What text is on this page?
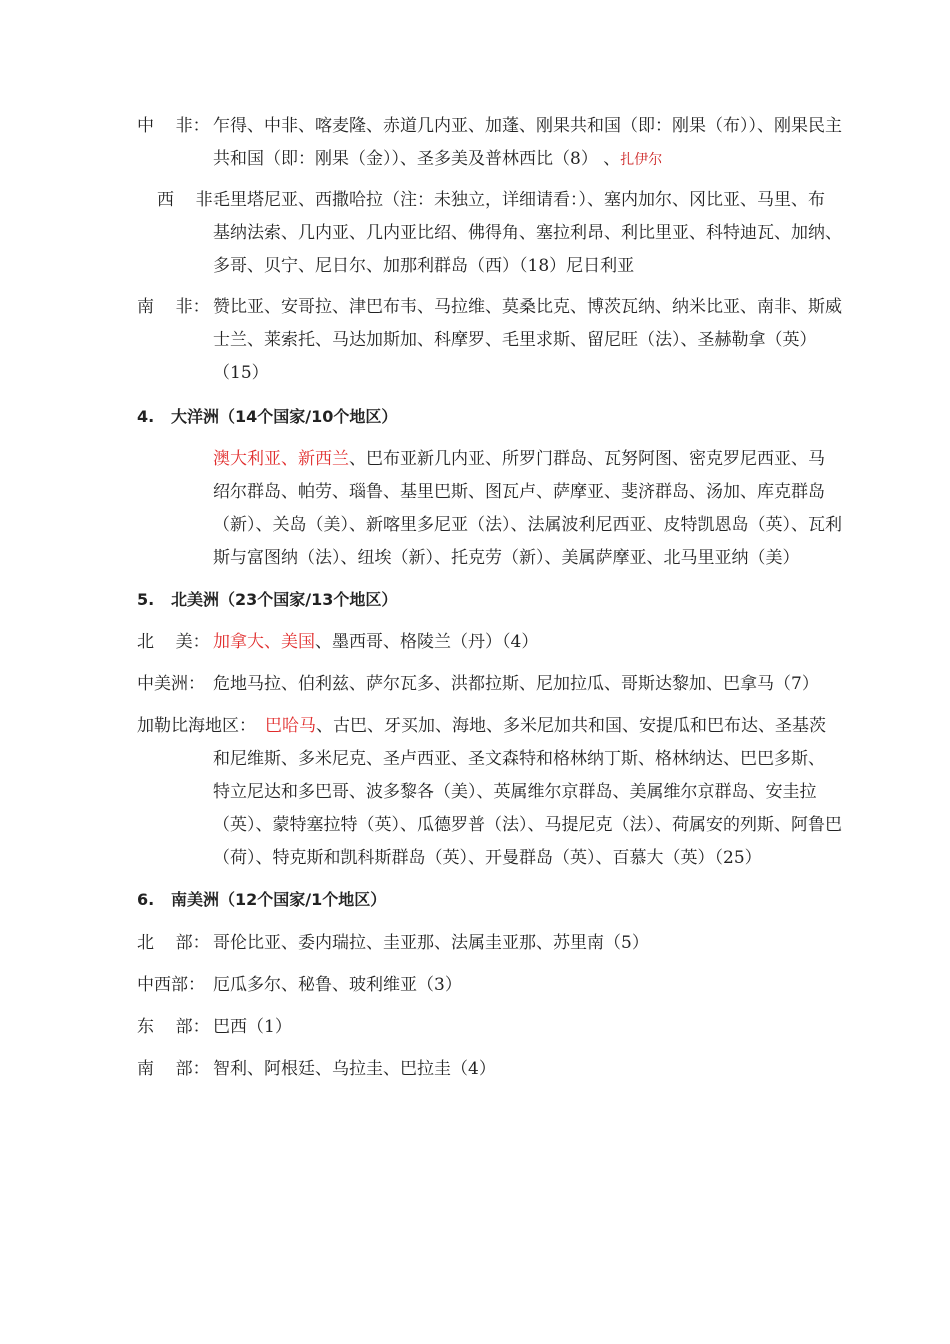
中    非： 乍得、中非、喀麦隆、赤道几内亚、加蓬、刚果共和国（即：刚果（布））、刚果民主
共和国（即：刚果（金））、圣多美及普林西比（8） 、扎伊尔
西    非：
毛里塔尼亚、西撒哈拉（注：未独立，详细请看：）、塞内加尔、冈比亚、马里、布
基纳法索、几内亚、几内亚比绍、佛得角、塞拉利昂、利比里亚、科特迪瓦、加纳、
多哥、贝宁、尼日尔、加那利群岛（西）（18）尼日利亚
南    非： 赞比亚、安哥拉、津巴布韦、马拉维、莫桑比克、博茨瓦纳、纳米比亚、南非、斯威
士兰、莱索托、马达加斯加、科摩罗、毛里求斯、留尼旺（法）、圣赫勒拿（英）
（15）
4. 大洋洲（14个国家/10个地区）
澳大利亚、新西兰、巴布亚新几内亚、所罗门群岛、瓦努阿图、密克罗尼西亚、马
绍尔群岛、帕劳、瑙鲁、基里巴斯、图瓦卢、萨摩亚、斐济群岛、汤加、库克群岛
（新）、关岛（美）、新喀里多尼亚（法）、法属波利尼西亚、皮特凯恩岛（英）、瓦利
斯与富图纳（法）、纽埃（新）、托克劳（新）、美属萨摩亚、北马里亚纳（美）
5. 北美洲（23个国家/13个地区）
北    美： 加拿大、美国、墨西哥、格陵兰（丹）（4）
中美洲： 危地马拉、伯利兹、萨尔瓦多、洪都拉斯、尼加拉瓜、哥斯达黎加、巴拿马（7）
加勒比海地区： 巴哈马、古巴、牙买加、海地、多米尼加共和国、安提瓜和巴布达、圣基茨
和尼维斯、多米尼克、圣卢西亚、圣文森特和格林纳丁斯、格林纳达、巴巴多斯、
特立尼达和多巴哥、波多黎各（美）、英属维尔京群岛、美属维尔京群岛、安圭拉
（英）、蒙特塞拉特（英）、瓜德罗普（法）、马提尼克（法）、荷属安的列斯、阿鲁巴
（荷）、特克斯和凯科斯群岛（英）、开曼群岛（英）、百慕大（英）（25）
6. 南美洲（12个国家/1个地区）
北    部： 哥伦比亚、委内瑞拉、圭亚那、法属圭亚那、苏里南（5）
中西部： 厄瓜多尔、秘鲁、玻利维亚（3）
东    部： 巴西（1）
南    部： 智利、阿根廷、乌拉圭、巴拉圭（4）
